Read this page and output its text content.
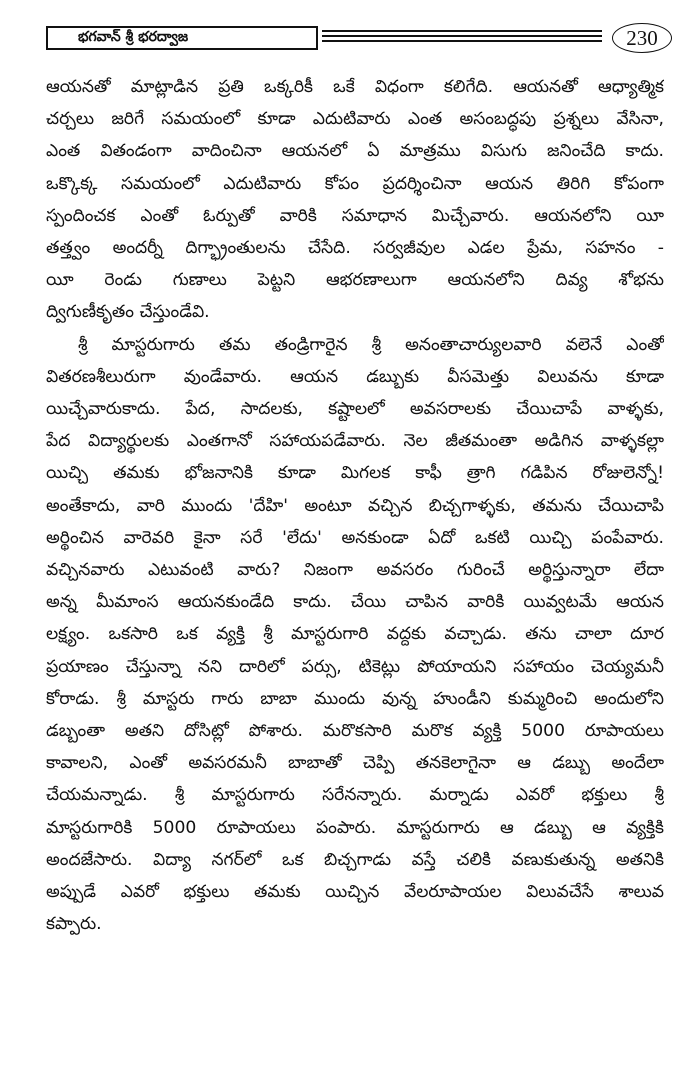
భగవాన్ శ్రీ భరద్వాజ	230
ఆయనతో మాట్లాడిన ప్రతి ఒక్కరికీ ఒకే విధంగా కలిగేది. ఆయనతో ఆధ్యాత్మిక
చర్చలు జరిగే సమయంలో కూడా ఎదుటివారు ఎంత అసంబద్ధపు ప్రశ్నలు వేసినా,
ఎంత వితండంగా వాదించినా ఆయనలో ఏ మాత్రము విసుగు జనించేది కాదు.
ఒక్కొక్క సమయంలో ఎదుటివారు కోపం ప్రదర్శించినా ఆయన తిరిగి కోపంగా
స్పందించక ఎంతో ఓర్పుతో వారికి సమాధాన మిచ్చేవారు. ఆయనలోని యీ
తత్త్వం అందర్నీ దిగ్భ్రాంతులను చేసేది. సర్వజీవుల ఎడల ప్రేమ, సహనం -
యీ రెండు గుణాలు పెట్టని ఆభరణాలుగా ఆయనలోని దివ్య శోభను
ద్విగుణీకృతం చేస్తుండేవి.
శ్రీ మాస్టరుగారు తమ తండ్రిగారైన శ్రీ అనంతాచార్యులవారి వలెనే ఎంతో
వితరణశీలురుగా వుండేవారు. ఆయన డబ్బుకు వీసమెత్తు విలువను కూడా
యిచ్చేవారుకాదు. పేద, సాదలకు, కష్టాలలో అవసరాలకు చేయిచాపే వాళ్ళకు,
పేద విద్యార్థులకు ఎంతగానో సహాయపడేవారు. నెల జీతమంతా అడిగిన వాళ్ళకల్లా
యిచ్చి తమకు భోజనానికి కూడా మిగలక కాఫీ త్రాగి గడిపిన రోజులెన్నో!
అంతేకాదు, వారి ముందు 'దేహి' అంటూ వచ్చిన బిచ్చగాళ్ళకు, తమను చేయిచాపి
అర్థించిన వారెవరి కైనా సరే 'లేదు' అనకుండా ఏదో ఒకటి యిచ్చి పంపేవారు.
వచ్చినవారు ఎటువంటి వారు? నిజంగా అవసరం గురించే అర్థిస్తున్నారా లేదా
అన్న మీమాంస ఆయనకుండేది కాదు. చేయి చాపిన వారికి యివ్వటమే ఆయన
లక్ష్యం. ఒకసారి ఒక వ్యక్తి శ్రీ మాస్టరుగారి వద్దకు వచ్చాడు. తను చాలా దూర
ప్రయాణం చేస్తున్నా నని దారిలో పర్సు, టికెట్లు పోయాయని సహాయం చెయ్యమనీ
కోరాడు. శ్రీ మాస్టరు గారు బాబా ముందు వున్న హుండీని కుమ్మరించి అందులోని
డబ్బంతా అతని దోసిట్లో పోశారు. మరొకసారి మరొక వ్యక్తి 5000 రూపాయలు
కావాలని, ఎంతో అవసరమనీ బాబాతో చెప్పి తనకెలాగైనా ఆ డబ్బు అందేలా
చేయమన్నాడు. శ్రీ మాస్టరుగారు సరేనన్నారు. మర్నాడు ఎవరో భక్తులు శ్రీ
మాస్టరుగారికి 5000 రూపాయలు పంపారు. మాస్టరుగారు ఆ డబ్బు ఆ వ్యక్తికి
అందజేసారు. విద్యా నగర్‌లో ఒక బిచ్చగాడు వస్తే చలికి వణుకుతున్న అతనికి
అప్పుడే ఎవరో భక్తులు తమకు యిచ్చిన వేలరూపాయల విలువచేసే శాలువ
కప్పారు.
